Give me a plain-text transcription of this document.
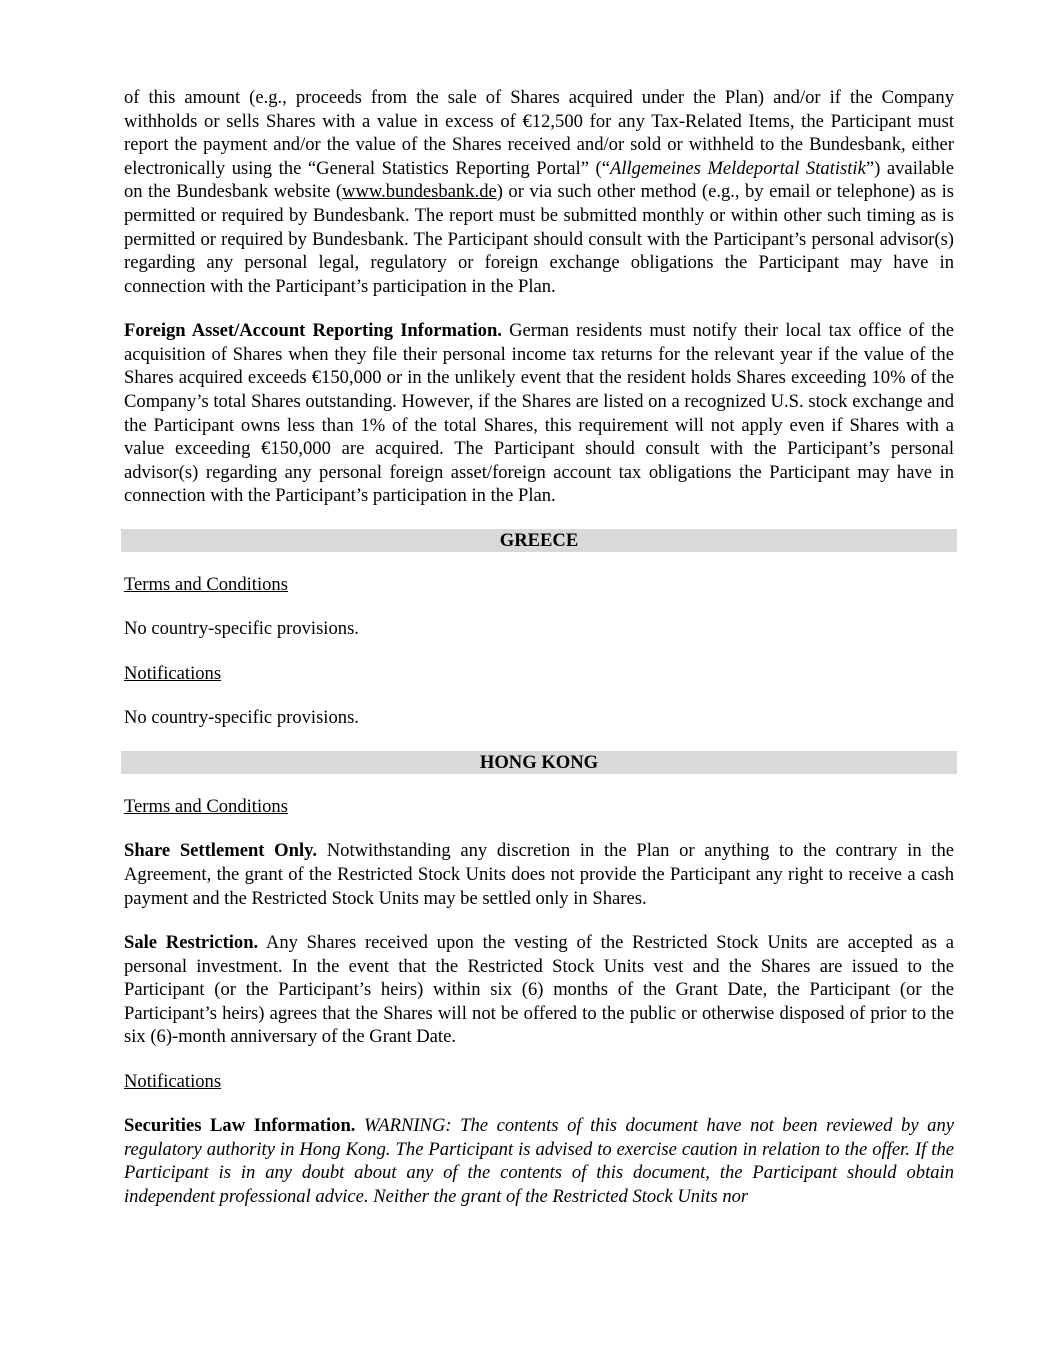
of this amount (e.g., proceeds from the sale of Shares acquired under the Plan) and/or if the Company withholds or sells Shares with a value in excess of €12,500 for any Tax-Related Items, the Participant must report the payment and/or the value of the Shares received and/or sold or withheld to the Bundesbank, either electronically using the “General Statistics Reporting Portal” (“Allgemeines Meldeportal Statistik”) available on the Bundesbank website (www.bundesbank.de) or via such other method (e.g., by email or telephone) as is permitted or required by Bundesbank. The report must be submitted monthly or within other such timing as is permitted or required by Bundesbank. The Participant should consult with the Participant’s personal advisor(s) regarding any personal legal, regulatory or foreign exchange obligations the Participant may have in connection with the Participant’s participation in the Plan.

Foreign Asset/Account Reporting Information. German residents must notify their local tax office of the acquisition of Shares when they file their personal income tax returns for the relevant year if the value of the Shares acquired exceeds €150,000 or in the unlikely event that the resident holds Shares exceeding 10% of the Company’s total Shares outstanding. However, if the Shares are listed on a recognized U.S. stock exchange and the Participant owns less than 1% of the total Shares, this requirement will not apply even if Shares with a value exceeding €150,000 are acquired. The Participant should consult with the Participant’s personal advisor(s) regarding any personal foreign asset/foreign account tax obligations the Participant may have in connection with the Participant’s participation in the Plan.

GREECE

Terms and Conditions

No country-specific provisions.

Notifications

No country-specific provisions.

HONG KONG

Terms and Conditions

Share Settlement Only. Notwithstanding any discretion in the Plan or anything to the contrary in the Agreement, the grant of the Restricted Stock Units does not provide the Participant any right to receive a cash payment and the Restricted Stock Units may be settled only in Shares.

Sale Restriction. Any Shares received upon the vesting of the Restricted Stock Units are accepted as a personal investment. In the event that the Restricted Stock Units vest and the Shares are issued to the Participant (or the Participant’s heirs) within six (6) months of the Grant Date, the Participant (or the Participant’s heirs) agrees that the Shares will not be offered to the public or otherwise disposed of prior to the six (6)-month anniversary of the Grant Date.

Notifications

Securities Law Information. WARNING: The contents of this document have not been reviewed by any regulatory authority in Hong Kong. The Participant is advised to exercise caution in relation to the offer. If the Participant is in any doubt about any of the contents of this document, the Participant should obtain independent professional advice. Neither the grant of the Restricted Stock Units nor
